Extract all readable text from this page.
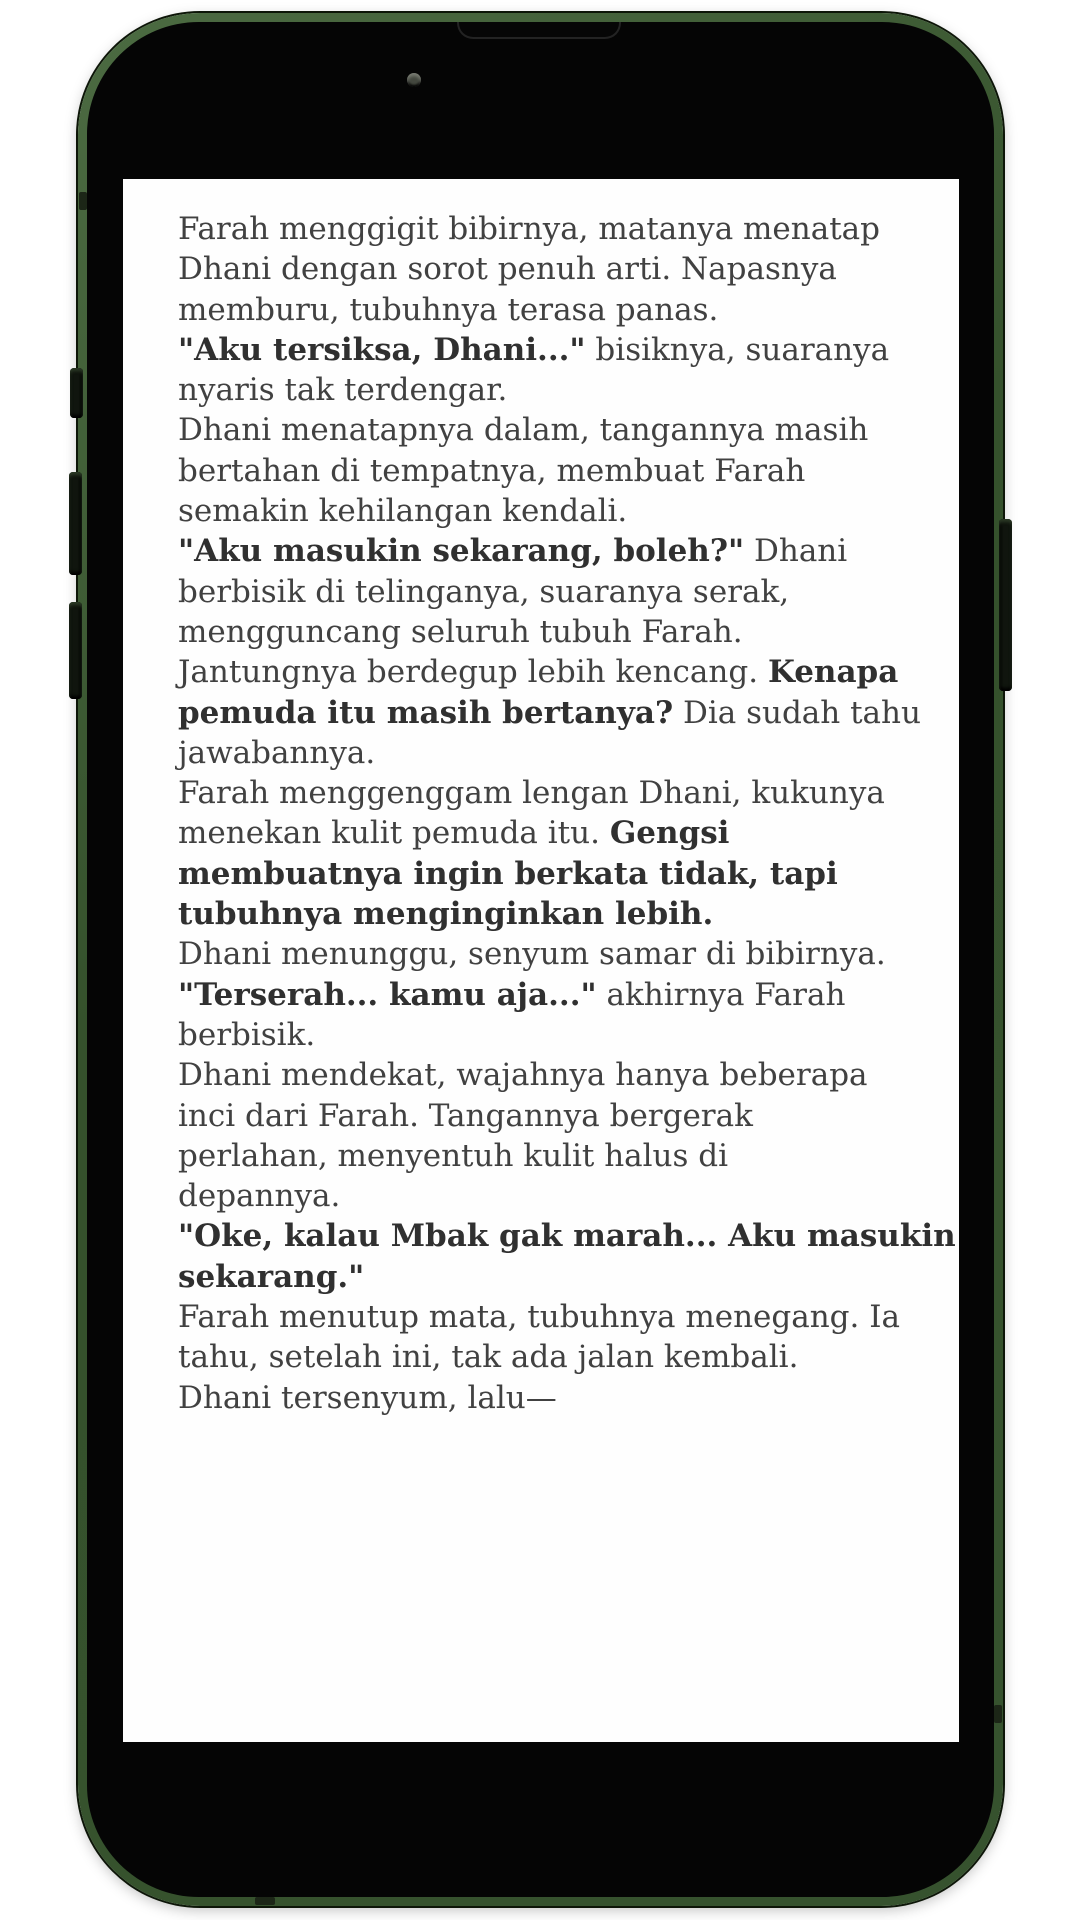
Farah menggigit bibirnya, matanya menatap
Dhani dengan sorot penuh arti. Napasnya
memburu, tubuhnya terasa panas.
"Aku tersiksa, Dhani..." bisiknya, suaranya
nyaris tak terdengar.
Dhani menatapnya dalam, tangannya masih
bertahan di tempatnya, membuat Farah
semakin kehilangan kendali.
"Aku masukin sekarang, boleh?" Dhani
berbisik di telinganya, suaranya serak,
mengguncang seluruh tubuh Farah.
Jantungnya berdegup lebih kencang. Kenapa
pemuda itu masih bertanya? Dia sudah tahu
jawabannya.
Farah menggenggam lengan Dhani, kukunya
menekan kulit pemuda itu. Gengsi
membuatnya ingin berkata tidak, tapi
tubuhnya menginginkan lebih.
Dhani menunggu, senyum samar di bibirnya.
"Terserah... kamu aja..." akhirnya Farah
berbisik.
Dhani mendekat, wajahnya hanya beberapa
inci dari Farah. Tangannya bergerak
perlahan, menyentuh kulit halus di
depannya.
"Oke, kalau Mbak gak marah... Aku masukin
sekarang."
Farah menutup mata, tubuhnya menegang. Ia
tahu, setelah ini, tak ada jalan kembali.
Dhani tersenyum, lalu—
